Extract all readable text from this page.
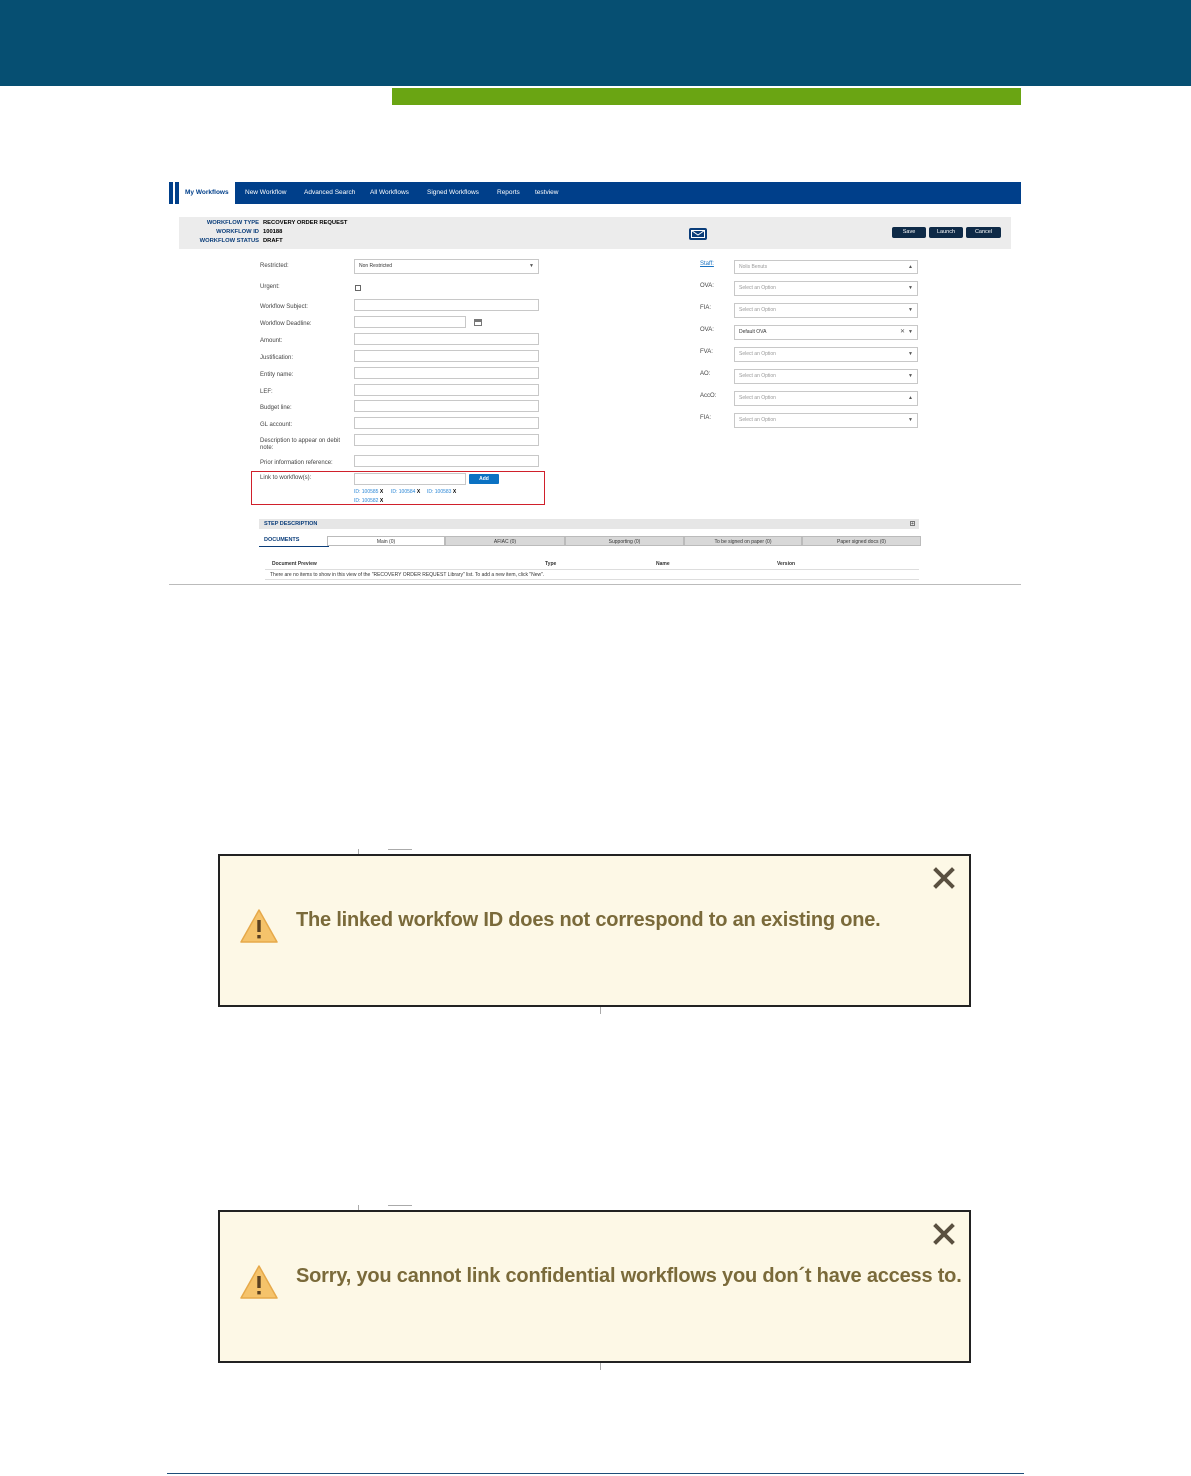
My Workflows	New Workflow	Advanced Search	All Workflows	Signed Workflows	Reports	testview
WORKFLOW TYPE RECOVERY ORDER REQUEST
WORKFLOW ID 100188
WORKFLOW STATUS DRAFT
Save	Launch	Cancel
Restricted:	Non Restricted	▼
Urgent:
Workflow Subject:
Workflow Deadline:
Amount:
Justification:
Entity name:
LEF:
Budget line:
GL account:
Description to appear on debit
note:
Prior information reference:
Link to workflow(s):	Add
ID: 100585 X ID: 100584 X ID: 100583 X
ID: 100582 X
Staff:	Nolis Benuts	▲
OVA:	Select an Option	▼
FIA:	Select an Option	▼
OVA:	Default OVA	✕ ▼
FVA:	Select an Option	▼
AO:	Select an Option	▼
AccO:	Select an Option	▲
FIA:	Select an Option	▼
STEP DESCRIPTION	+
DOCUMENTS	Main (0)	AFIAC (0)	Supporting (0)	To be signed on paper (0)	Paper signed docs (0)
Document Preview	Type	Name	Version
There are no items to show in this view of the "RECOVERY ORDER REQUEST Library" list. To add a new item, click "New".
The linked workfow ID does not correspond to an existing one.
Sorry, you cannot link confidential workflows you don´t have access to.
